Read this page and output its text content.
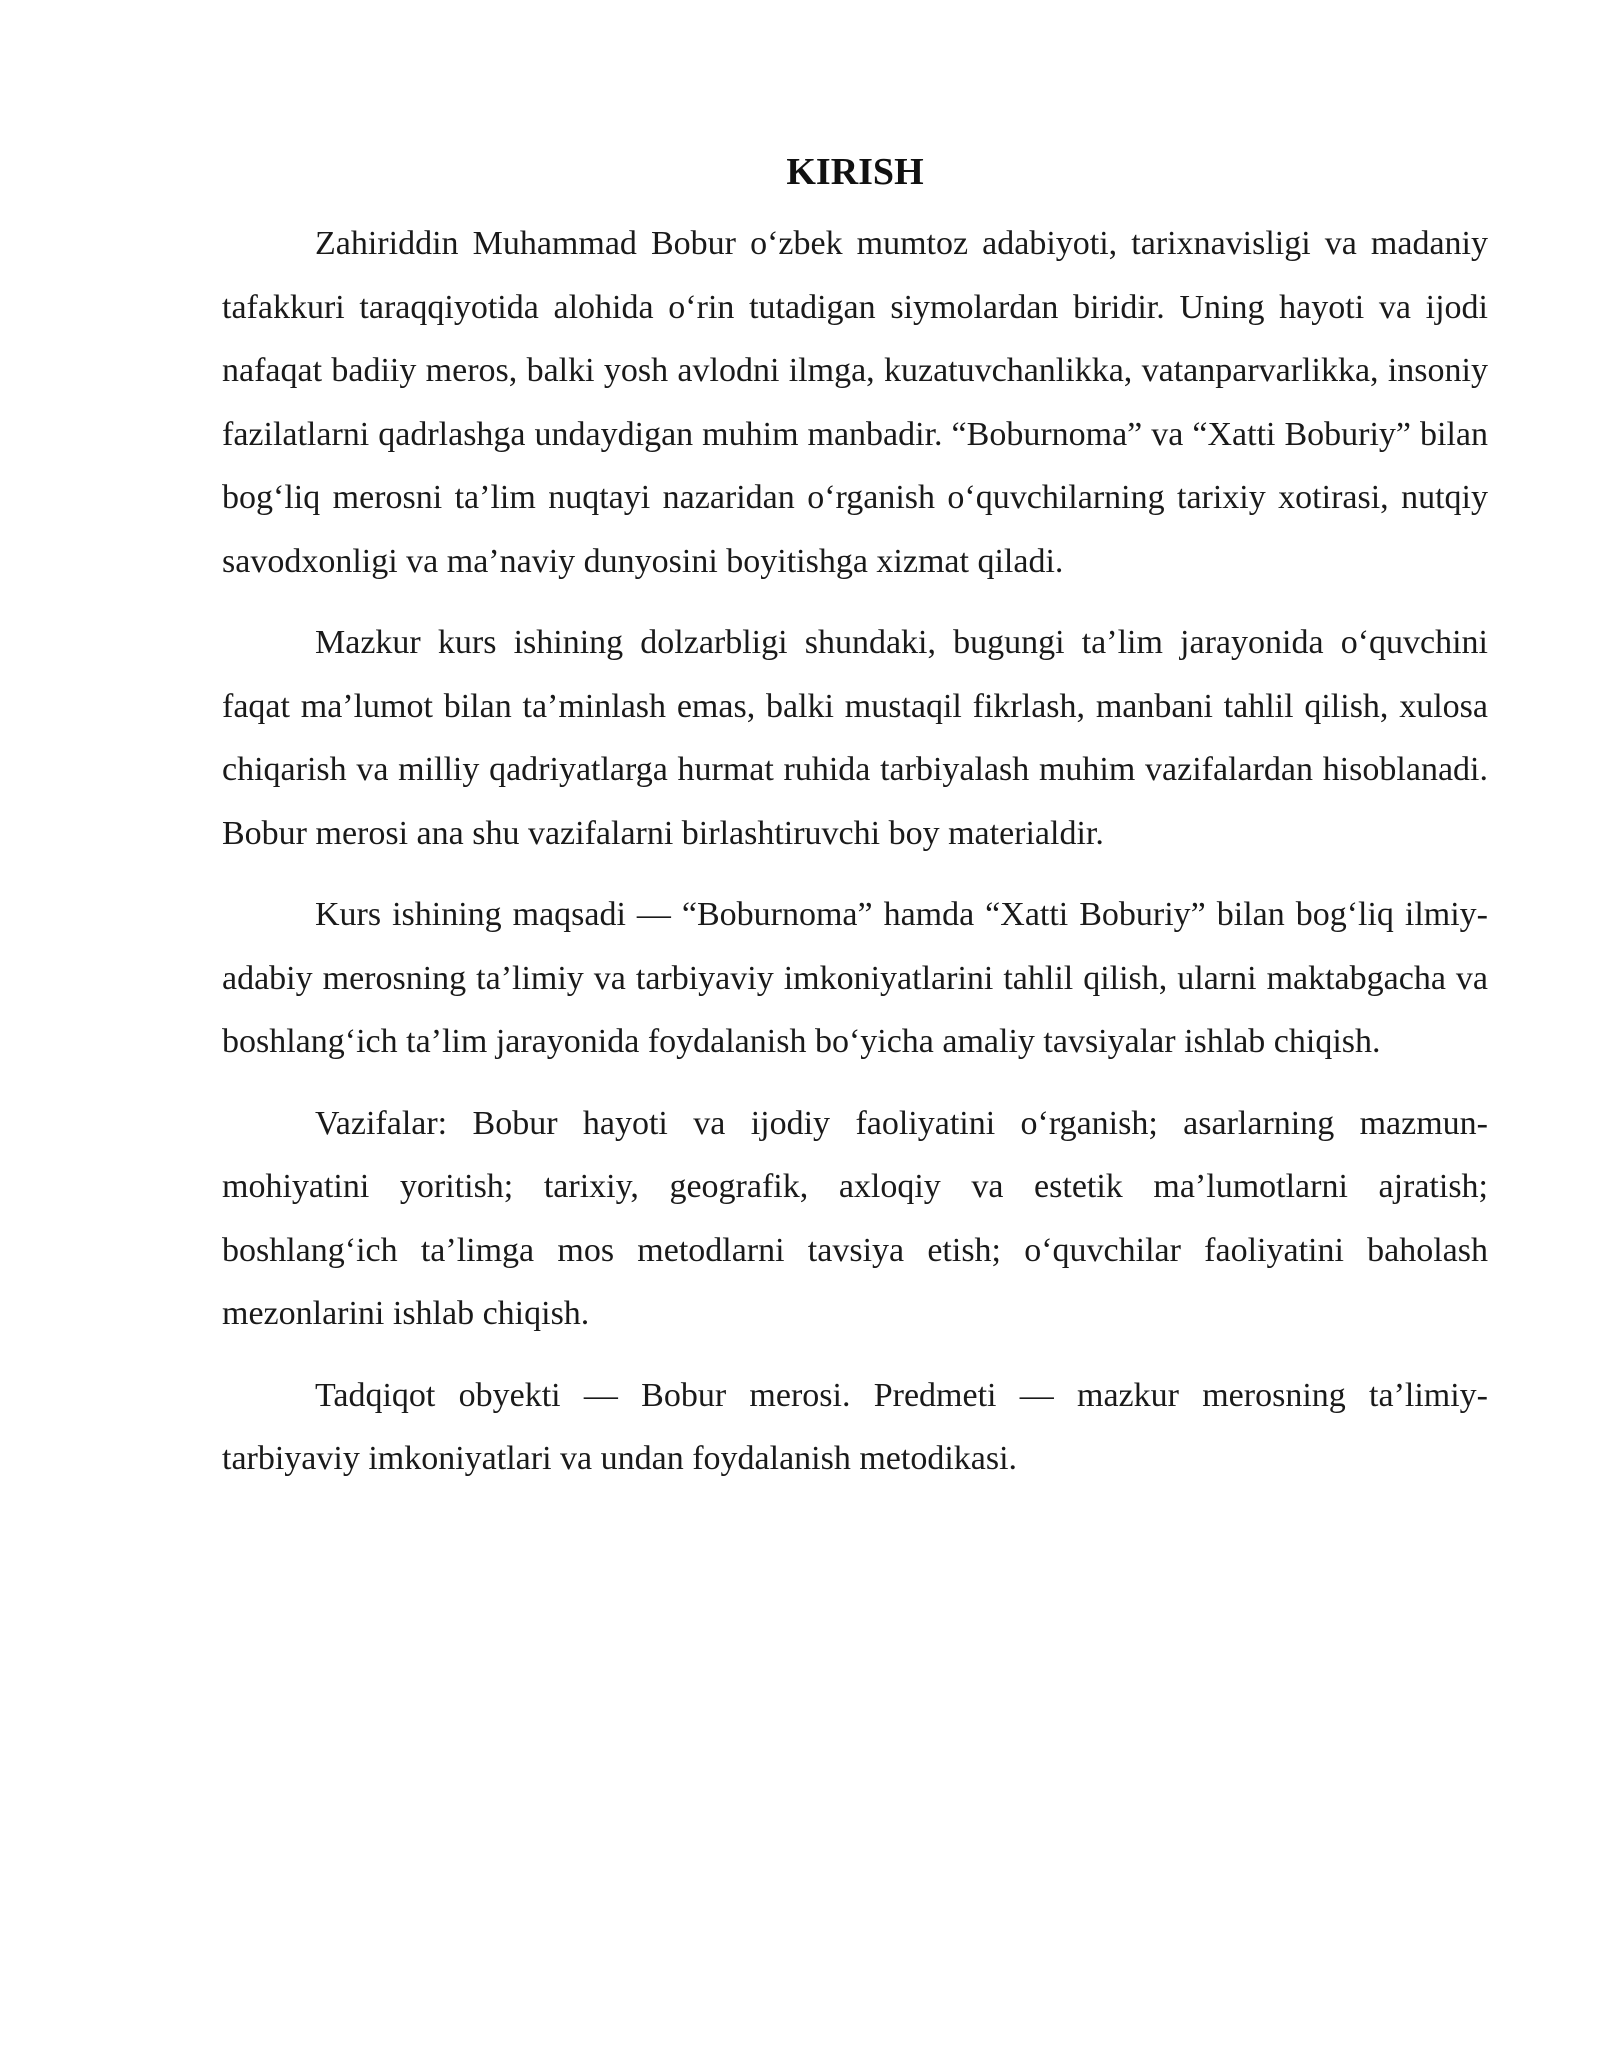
KIRISH

Zahiriddin Muhammad Bobur o‘zbek mumtoz adabiyoti, tarixnavisligi va madaniy tafakkuri taraqqiyotida alohida o‘rin tutadigan siymolardan biridir. Uning hayoti va ijodi nafaqat badiiy meros, balki yosh avlodni ilmga, kuzatuvchanlikka, vatanparvarlikka, insoniy fazilatlarni qadrlashga undaydigan muhim manbadir. “Boburnoma” va “Xatti Boburiy” bilan bog‘liq merosni ta’lim nuqtayi nazaridan o‘rganish o‘quvchilarning tarixiy xotirasi, nutqiy savodxonligi va ma’naviy dunyosini boyitishga xizmat qiladi.

Mazkur kurs ishining dolzarbligi shundaki, bugungi ta’lim jarayonida o‘quvchini faqat ma’lumot bilan ta’minlash emas, balki mustaqil fikrlash, manbani tahlil qilish, xulosa chiqarish va milliy qadriyatlarga hurmat ruhida tarbiyalash muhim vazifalardan hisoblanadi. Bobur merosi ana shu vazifalarni birlashtiruvchi boy materialdir.

Kurs ishining maqsadi — “Boburnoma” hamda “Xatti Boburiy” bilan bog‘liq ilmiy-adabiy merosning ta’limiy va tarbiyaviy imkoniyatlarini tahlil qilish, ularni maktabgacha va boshlang‘ich ta’lim jarayonida foydalanish bo‘yicha amaliy tavsiyalar ishlab chiqish.

Vazifalar: Bobur hayoti va ijodiy faoliyatini o‘rganish; asarlarning mazmun-mohiyatini yoritish; tarixiy, geografik, axloqiy va estetik ma’lumotlarni ajratish; boshlang‘ich ta’limga mos metodlarni tavsiya etish; o‘quvchilar faoliyatini baholash mezonlarini ishlab chiqish.

Tadqiqot obyekti — Bobur merosi. Predmeti — mazkur merosning ta’limiy-tarbiyaviy imkoniyatlari va undan foydalanish metodikasi.
